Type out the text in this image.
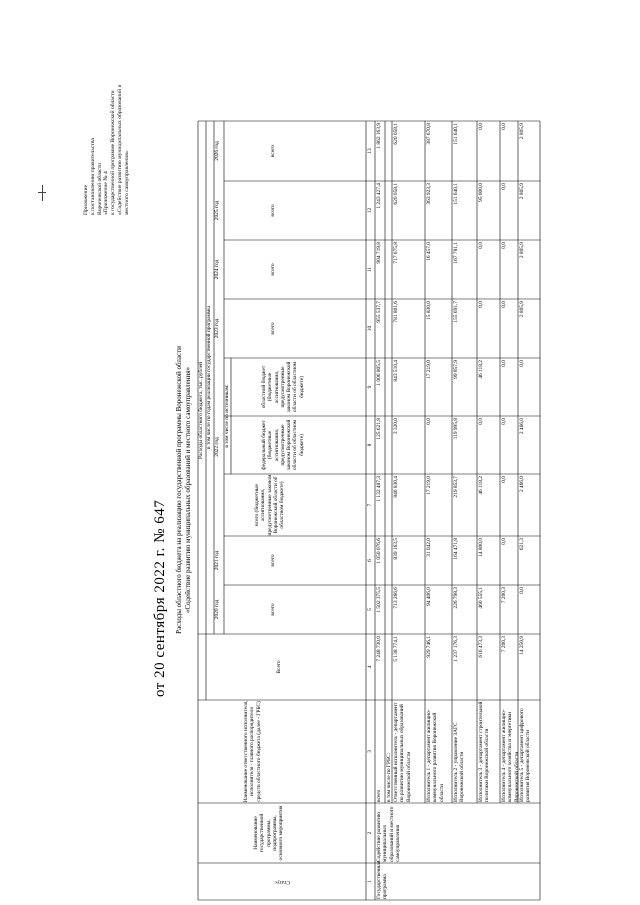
от 20 сентября 2022 г. № 647
Приложение к постановлению правительства Воронежской области «Приложение № 4 к государственной программе Воронежской области «Содействие развитию муниципальных образований и местного самоуправления»
Расходы областного бюджета на реализацию государственной программы Воронежской области «Содействие развитию муниципальных образований и местного самоуправления»
Статус
Наименование государственной программы, подпрограммы, основного мероприятия
Наименование ответственного исполнителя, исполнителя - главного распорядителя средств областного бюджета (далее - ГРБС)
Расходы областного бюджета, тыс. рублей в том числе по годам реализации государственной программы
Всего
2020 год
2021 год
2022 год
2023 год
2024 год
2025 год
2026 год
всего
всего
всего
всего
всего
всего
всего (бюджетные ассигнования, предусмотренные законом Воронежской области об областном бюджете)
в том числе по источникам:	федеральный бюджет (бюджетные ассигнования, предусмотренные законом Воронежской области об областном бюджете)
областной бюджет (бюджетные ассигнования, предусмотренные законом Воронежской области об областном бюджете)
1
2
3
4
5
6
7
8
9
10
11
12
13
Государственная программа
Содействие развитию муниципальных образований и местного самоуправления
всего
7 248 730,0
1 502 375,5
1 050 076,6
1 132 487,3
125 621,8
1 006 805,5
955 537,7
904 719,8
1 243 427,4
1 862 163,9
в том числе по ГРБС: Ответственный исполнитель - департамент по развитию муниципальных образований Воронежской области
5 138 774,1
713 266,6
839 163,5
846 830,4
3 320,0
843 510,4
781 801,6
717 675,8
620 058,1
620 058,1
Исполнитель 1 - департамент жилищно-коммунального развития Воронежской области
929 746,1
94 406,0
31 042,0
17 219,0
0,0
17 219,0
15 830,0
16 457,0
363 923,3
387 670,8
Исполнитель 2 - управление ЗАГС Воронежской области
1 237 176,3
226 798,3
164 471,8
219 853,7
119 995,8
99 857,9
155 691,7
167 781,1
151 640,1
151 640,1
Исполнитель 3 - департамент строительной политики Воронежской области
616 473,3
460 555,1
14 800,0
46 118,2
0,0
46 118,2
0,0
0,0
95 000,0
0,0
Исполнитель 4 - департамент жилищно-коммунального хозяйства и энергетики Воронежской области
7 200,3
7 200,3
0,0
0,0
0,0
0,0
0,0
0,0
0,0
0,0
Исполнитель 5 - департамент цифрового развития Воронежской области
14 250,9
0,0
621,3
2 466,0
2 466,0
0,0
2 805,9
2 805,9
2 805,9
2 805,9
